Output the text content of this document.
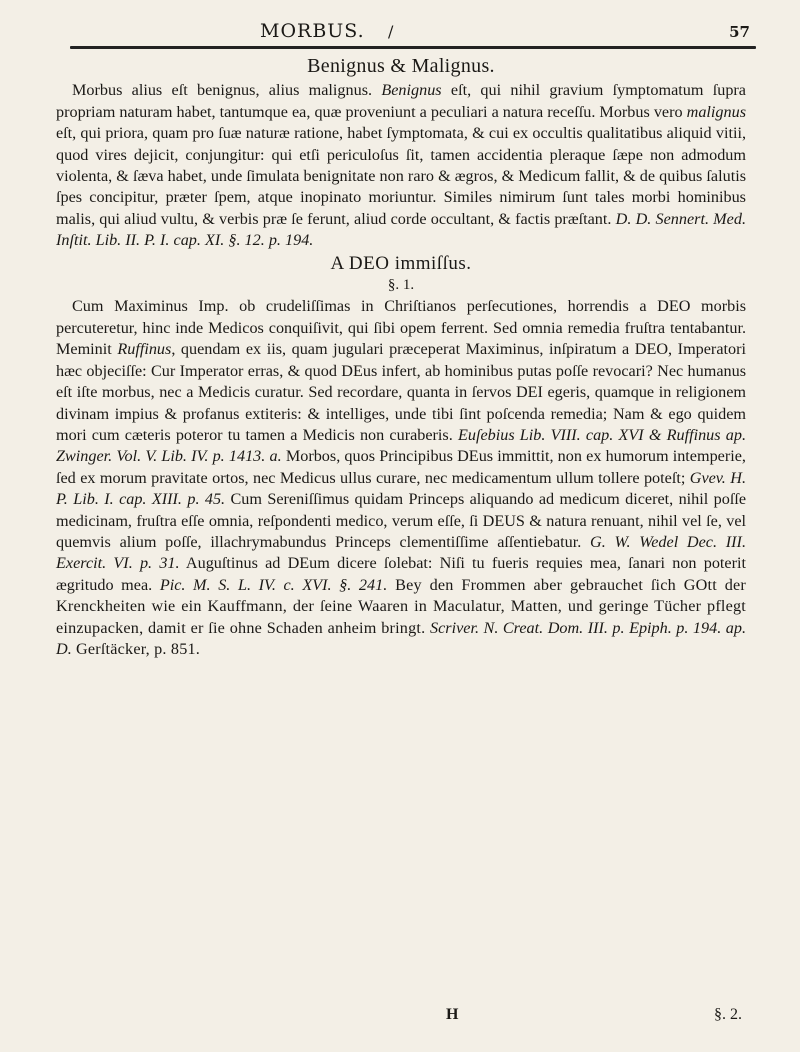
MORBUS. /	57
Benignus & Malignus.

Morbus alius eſt benignus, alius malignus. Benignus eſt, qui nihil gravium ſymptomatum ſupra propriam naturam habet, tantumque ea, quæ proveniunt a peculiari a natura receſſu. Morbus vero malignus eſt, qui priora, quam pro ſuæ naturæ ratione, habet ſymptomata, & cui ex occultis qualitatibus aliquid vitii, quod vires dejicit, conjungitur: qui etſi periculoſus ſit, tamen accidentia pleraque ſæpe non admodum violenta, & ſæva habet, unde ſimulata benignitate non raro & ægros, & Medicum fallit, & de quibus ſalutis ſpes concipitur, præter ſpem, atque inopinato moriuntur. Similes nimirum ſunt tales morbi hominibus malis, qui aliud vultu, & verbis præ ſe ferunt, aliud corde occultant, & factis præſtant. D. D. Sennert. Med. Inſtit. Lib. II. P. I. cap. XI. §. 12. p. 194.

A DEO immiſſus.
§. 1.

Cum Maximinus Imp. ob crudeliſſimas in Chriſtianos perſecutiones, horrendis a DEO morbis percuteretur, hinc inde Medicos conquiſivit, qui ſibi opem ferrent. Sed omnia remedia fruſtra tentabantur. Meminit Ruffinus, quendam ex iis, quam jugulari præceperat Maximinus, inſpiratum a DEO, Imperatori hæc objeciſſe: Cur Imperator erras, & quod DEus infert, ab hominibus putas poſſe revocari? Nec humanus eſt iſte morbus, nec a Medicis curatur. Sed recordare, quanta in ſervos DEI egeris, quamque in religionem divinam impius & profanus extiteris: & intelliges, unde tibi ſint poſcenda remedia; Nam & ego quidem mori cum cæteris poteror tu tamen a Medicis non curaberis. Euſebius Lib. VIII. cap. XVI & Ruffinus ap. Zwinger. Vol. V. Lib. IV. p. 1413. a. Morbos, quos Principibus DEus immittit, non ex humorum intemperie, ſed ex morum pravitate ortos, nec Medicus ullus curare, nec medicamentum ullum tollere poteſt; Gvev. H. P. Lib. I. cap. XIII. p. 45. Cum Sereniſſimus quidam Princeps aliquando ad medicum diceret, nihil poſſe medicinam, fruſtra eſſe omnia, reſpondenti medico, verum eſſe, ſi DEUS & natura renuant, nihil vel ſe, vel quemvis alium poſſe, illachrymabundus Princeps clementiſſime aſſentiebatur. G. W. Wedel Dec. III. Exercit. VI. p. 31. Auguſtinus ad DEum dicere ſolebat: Niſi tu fueris requies mea, ſanari non poterit ægritudo mea. Pic. M. S. L. IV. c. XVI. §. 241. Bey den Frommen aber gebrauchet ſich GOtt der Krenckheiten wie ein Kauffmann, der ſeine Waaren in Maculatur, Matten, und geringe Tücher pflegt einzupacken, damit er ſie ohne Schaden anheim bringt. Scriver. N. Creat. Dom. III. p. Epiph. p. 194. ap. D. Gerſtäcker, p. 851.

H	§. 2.
